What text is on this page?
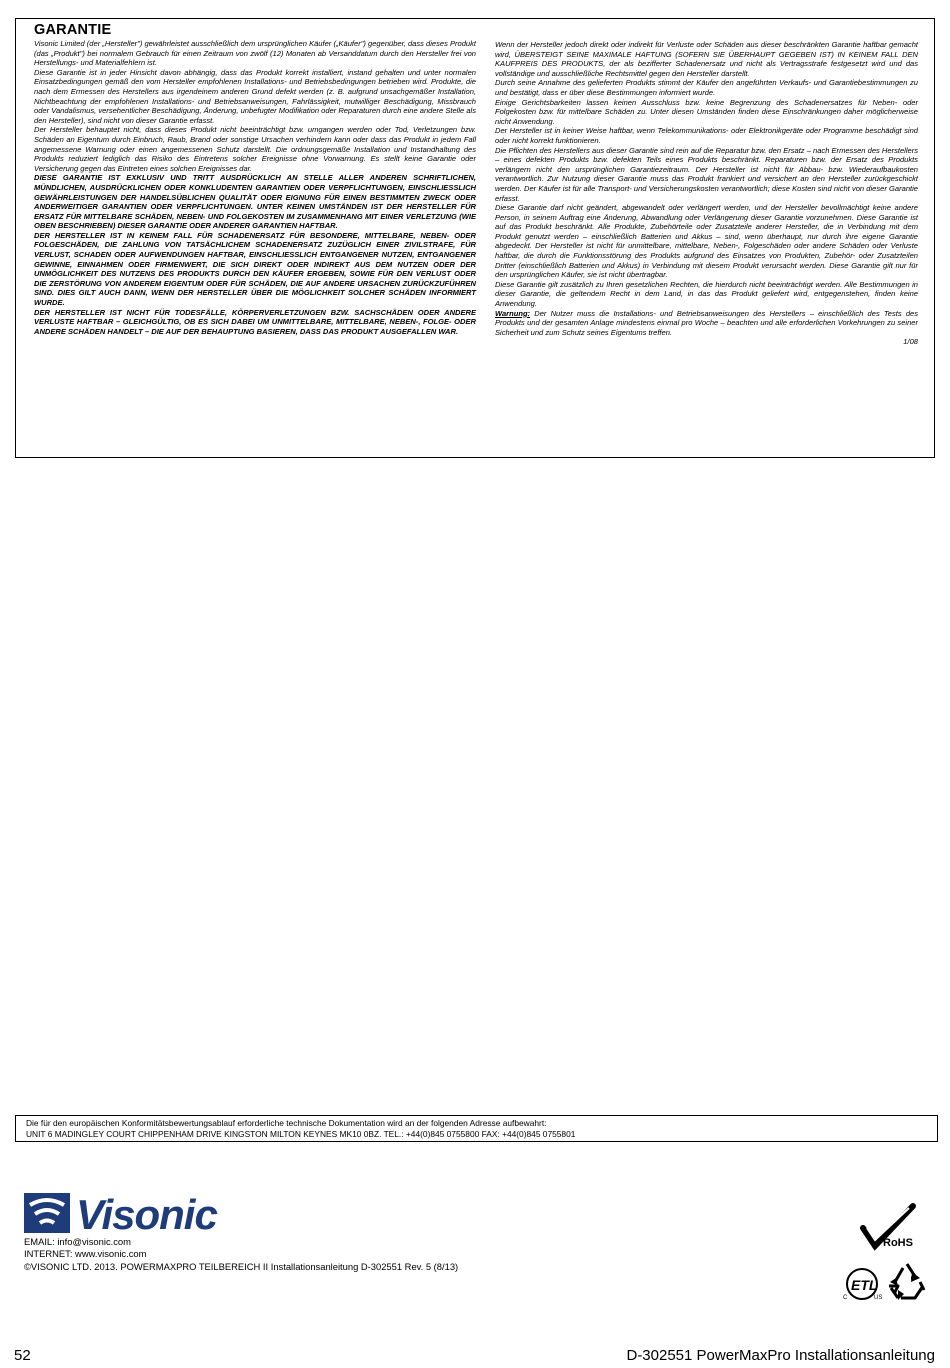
GARANTIE

Visonic Limited (der „Hersteller") gewährleistet ausschließlich dem ursprünglichen Käufer („Käufer") gegenüber, dass dieses Produkt (das „Produkt") bei normalem Gebrauch für einen Zeitraum von zwölf (12) Monaten ab Versanddatum durch den Hersteller frei von Herstellungs- und Materialfehlern ist.

Diese Garantie ist in jeder Hinsicht davon abhängig, dass das Produkt korrekt installiert, instand gehalten und unter normalen Einsatzbedingungen gemäß den vom Hersteller empfohlenen Installations- und Betriebsbedingungen betrieben wird. Produkte, die nach dem Ermessen des Herstellers aus irgendeinem anderen Grund defekt werden (z. B. aufgrund unsachgemäßer Installation, Nichtbeachtung der empfohlenen Installations- und Betriebsanweisungen, Fahrlässigkeit, mutwilliger Beschädigung, Missbrauch oder Vandalismus, versehentlicher Beschädigung, Änderung, unbefugter Modifikation oder Reparaturen durch eine andere Stelle als den Hersteller), sind nicht von dieser Garantie erfasst.

Der Hersteller behauptet nicht, dass dieses Produkt nicht beeinträchtigt bzw. umgangen werden oder Tod, Verletzungen bzw. Schäden an Eigentum durch Einbruch, Raub, Brand oder sonstige Ursachen verhindern kann oder dass das Produkt in jedem Fall angemessene Warnung oder einen angemessenen Schutz darstellt. Die ordnungsgemäße Installation und Instandhaltung des Produkts reduziert lediglich das Risiko des Eintretens solcher Ereignisse ohne Vorwarnung. Es stellt keine Garantie oder Versicherung gegen das Eintreten eines solchen Ereignisses dar.

DIESE GARANTIE IST EXKLUSIV UND TRITT AUSDRÜCKLICH AN STELLE ALLER ANDEREN SCHRIFTLICHEN, MÜNDLICHEN, AUSDRÜCKLICHEN ODER KONKLUDENTEN GARANTIEN ODER VERPFLICHTUNGEN, EINSCHLIESSLICH GEWÄHRLEISTUNGEN DER HANDELSÜBLICHEN QUALITÄT ODER EIGNUNG FÜR EINEN BESTIMMTEN ZWECK ODER ANDERWEITIGER GARANTIEN ODER VERPFLICHTUNGEN. UNTER KEINEN UMSTÄNDEN IST DER HERSTELLER FÜR ERSATZ FÜR MITTELBARE SCHÄDEN, NEBEN- UND FOLGEKOSTEN IM ZUSAMMENHANG MIT EINER VERLETZUNG (WIE OBEN BESCHRIEBEN) DIESER GARANTIE ODER ANDERER GARANTIEN HAFTBAR.

DER HERSTELLER IST IN KEINEM FALL FÜR SCHADENERSATZ FÜR BESONDERE, MITTELBARE, NEBEN- ODER FOLGESCHÄDEN, DIE ZAHLUNG VON TATSÄCHLICHEM SCHADENERSATZ ZUZÜGLICH EINER ZIVILSTRAFE, FÜR VERLUST, SCHADEN ODER AUFWENDUNGEN HAFTBAR, EINSCHLIESSLICH ENTGANGENER NUTZEN, ENTGANGENER GEWINNE, EINNAHMEN ODER FIRMENWERT, DIE SICH DIREKT ODER INDIREKT AUS DEM NUTZEN ODER DER UNMÖGLICHKEIT DES NUTZENS DES PRODUKTS DURCH DEN KÄUFER ERGEBEN, SOWIE FÜR DEN VERLUST ODER DIE ZERSTÖRUNG VON ANDEREM EIGENTUM ODER FÜR SCHÄDEN, DIE AUF ANDERE URSACHEN ZURÜCKZUFÜHREN SIND. DIES GILT AUCH DANN, WENN DER HERSTELLER ÜBER DIE MÖGLICHKEIT SOLCHER SCHÄDEN INFORMIERT WURDE.

DER HERSTELLER IST NICHT FÜR TODESFÄLLE, KÖRPERVERLETZUNGEN BZW. SACHSCHÄDEN ODER ANDERE VERLUSTE HAFTBAR – GLEICHGÜLTIG, OB ES SICH DABEI UM UNMITTELBARE, MITTELBARE, NEBEN-, FOLGE- ODER ANDERE SCHÄDEN HANDELT – DIE AUF DER BEHAUPTUNG BASIEREN, DASS DAS PRODUKT AUSGEFALLEN WAR.

Wenn der Hersteller jedoch direkt oder indirekt für Verluste oder Schäden aus dieser beschränkten Garantie haftbar gemacht wird, ÜBERSTEIGT SEINE MAXIMALE HAFTUNG (SOFERN SIE ÜBERHAUPT GEGEBEN IST) IN KEINEM FALL DEN KAUFPREIS DES PRODUKTS, der als bezifferter Schadenersatz und nicht als Vertragsstrafe festgesetzt wird und das vollständige und ausschließliche Rechtsmittel gegen den Hersteller darstellt.

Durch seine Annahme des gelieferten Produkts stimmt der Käufer den angeführten Verkaufs- und Garantiebestimmungen zu und bestätigt, dass er über diese Bestimmungen informiert wurde.

Einige Gerichtsbarkeiten lassen keinen Ausschluss bzw. keine Begrenzung des Schadenersatzes für Neben- oder Folgekosten bzw. für mittelbare Schäden zu. Unter diesen Umständen finden diese Einschränkungen daher möglicherweise nicht Anwendung.

Der Hersteller ist in keiner Weise haftbar, wenn Telekommunikations- oder Elektronikgeräte oder Programme beschädigt sind oder nicht korrekt funktionieren.

Die Pflichten des Herstellers aus dieser Garantie sind rein auf die Reparatur bzw. den Ersatz – nach Ermessen des Herstellers – eines defekten Produkts bzw. defekten Teils eines Produkts beschränkt. Reparaturen bzw. der Ersatz des Produkts verlängern nicht den ursprünglichen Garantiezeitraum. Der Hersteller ist nicht für Abbau- bzw. Wiederaufbaukosten verantwortlich. Zur Nutzung dieser Garantie muss das Produkt frankiert und versichert an den Hersteller zurückgeschickt werden. Der Käufer ist für alle Transport- und Versicherungskosten verantwortlich; diese Kosten sind nicht von dieser Garantie erfasst.

Diese Garantie darf nicht geändert, abgewandelt oder verlängert werden, und der Hersteller bevollmächtigt keine andere Person, in seinem Auftrag eine Änderung, Abwandlung oder Verlängerung dieser Garantie vorzunehmen. Diese Garantie ist auf das Produkt beschränkt. Alle Produkte, Zubehörteile oder Zusatzteile anderer Hersteller, die in Verbindung mit dem Produkt genutzt werden – einschließlich Batterien und Akkus – sind, wenn überhaupt, nur durch ihre eigene Garantie abgedeckt. Der Hersteller ist nicht für unmittelbare, mittelbare, Neben-, Folgeschäden oder andere Schäden oder Verluste haftbar, die durch die Funktionsstörung des Produkts aufgrund des Einsatzes von Produkten, Zubehör- oder Zusatzteilen Dritter (einschließlich Batterien und Akkus) in Verbindung mit diesem Produkt verursacht werden. Diese Garantie gilt nur für den ursprünglichen Käufer, sie ist nicht übertragbar.

Diese Garantie gilt zusätzlich zu Ihren gesetzlichen Rechten, die hierdurch nicht beeinträchtigt werden. Alle Bestimmungen in dieser Garantie, die geltendem Recht in dem Land, in das das Produkt geliefert wird, entgegenstehen, finden keine Anwendung.

Warnung: Der Nutzer muss die Installations- und Betriebsanweisungen des Herstellers – einschließlich des Tests des Produkts und der gesamten Anlage mindestens einmal pro Woche – beachten und alle erforderlichen Vorkehrungen zu seiner Sicherheit und zum Schutz seines Eigentums treffen.

1/08

Die für den europäischen Konformitätsbewertungsablauf erforderliche technische Dokumentation wird an der folgenden Adresse aufbewahrt:
UNIT 6 MADINGLEY COURT CHIPPENHAM DRIVE KINGSTON MILTON KEYNES MK10 0BZ. TEL.: +44(0)845 0755800 FAX: +44(0)845 0755801
Visonic
EMAIL: info@visonic.com
INTERNET: www.visonic.com
©VISONIC LTD. 2013. POWERMAXPRO TEILBEREICH II Installationsanleitung D-302551 Rev. 5 (8/13)
RoHS
ETL
C	US
52	D-302551 PowerMaxPro Installationsanleitung
